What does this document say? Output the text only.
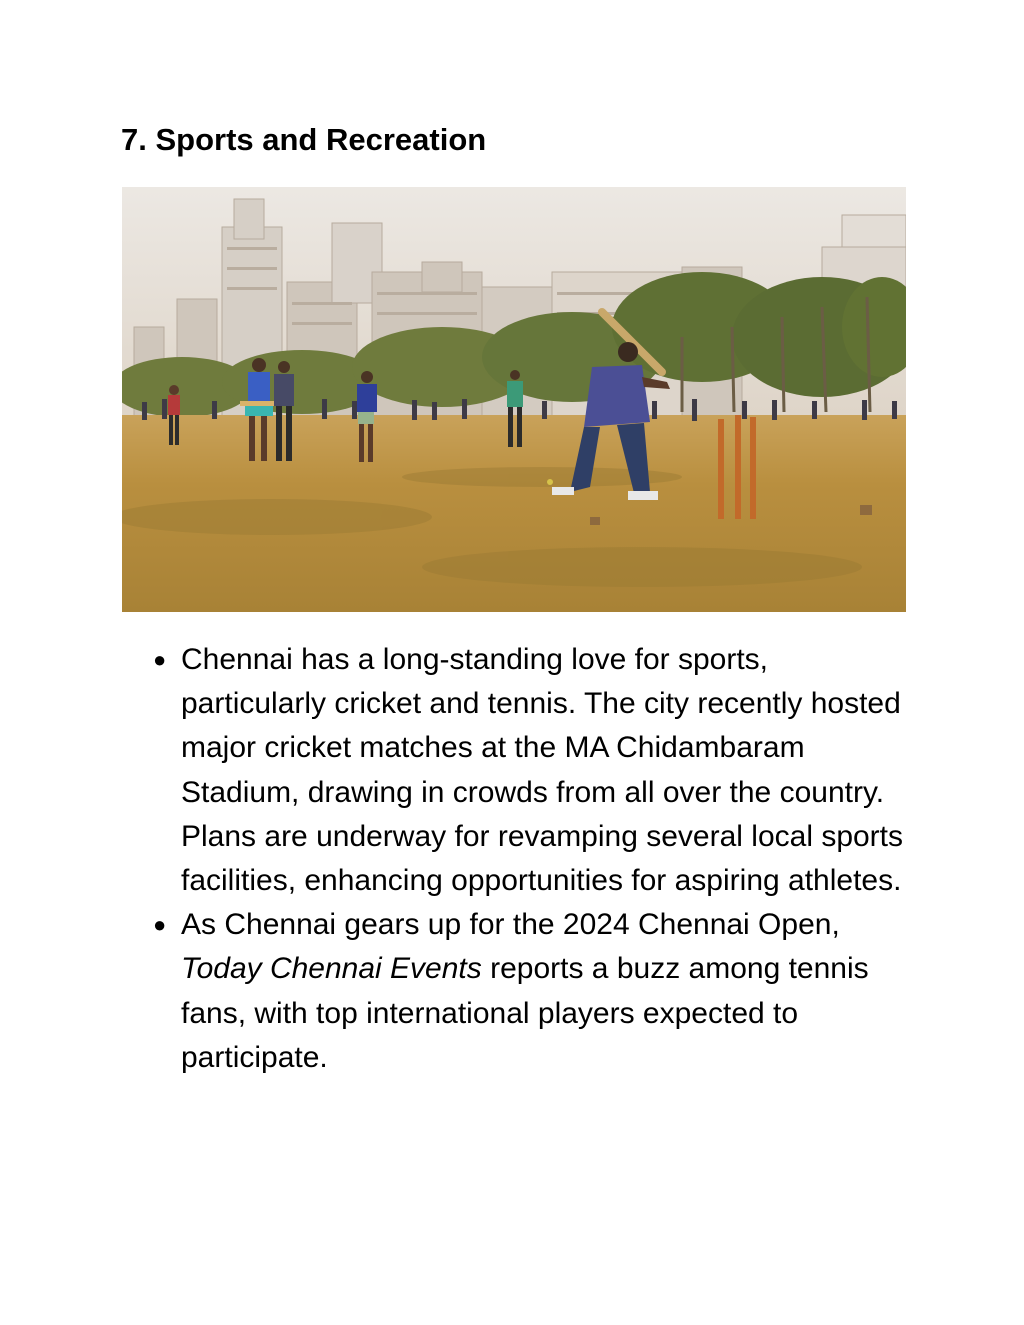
7. Sports and Recreation
● Chennai has a long-standing love for sports, particularly cricket and tennis. The city recently hosted major cricket matches at the MA Chidambaram Stadium, drawing in crowds from all over the country. Plans are underway for revamping several local sports facilities, enhancing opportunities for aspiring athletes.
● As Chennai gears up for the 2024 Chennai Open, Today Chennai Events reports a buzz among tennis fans, with top international players expected to participate.
